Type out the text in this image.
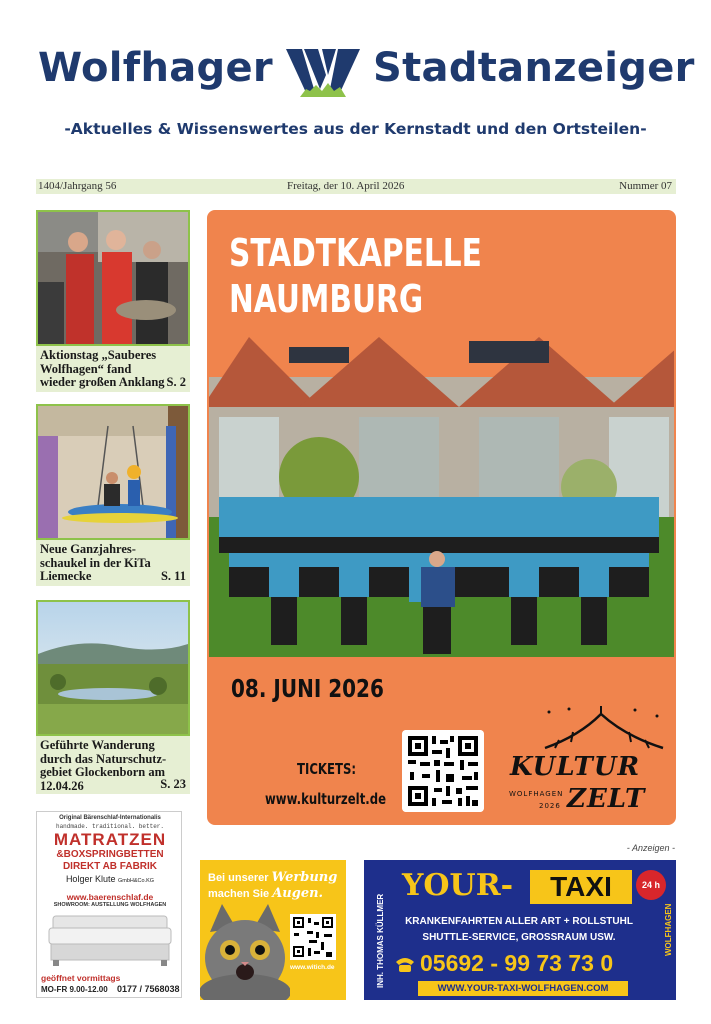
Wolfhager	Stadtanzeiger
-Aktuelles & Wissenswertes aus der Kernstadt und den Ortsteilen-
1404/Jahrgang 56	Freitag, der 10. April 2026	Nummer 07
Aktionstag „Sauberes Wolfhagen“ fand wieder großen Anklang S. 2
Neue Ganzjahres-schaukel in der KiTa Liemecke	S. 11
Geführte Wanderung durch das Naturschutz-gebiet Glockenborn am 12.04.26	S. 23
STADTKAPELLE
NAUMBURG
08. JUNI 2026
TICKETS:
www.kulturzelt.de
KULTUR
WOLFHAGEN
2026 ZELT
- Anzeigen -
Original Bärenschlaf-Internationalis
handmade. traditional. better.
MATRATZEN
&BOXSPRINGBETTEN
DIREKT AB FABRIK
Holger Klute GmbH&Co.KG
www.baerenschlaf.de
SHOWROOM: AUSTELLUNG WOLFHAGEN
geöffnet vormittags
MO-FR 9.00-12.00 0177 / 7568038
Bei unserer Werbung
machen Sie Augen.
www.witich.de	INH. THOMAS KÜLLMER	WOLFHAGEN
YOUR-	TAXI	24 h
KRANKENFAHRTEN ALLER ART + ROLLSTUHL
SHUTTLE-SERVICE, GROSSRAUM USW.
05692 - 99 73 73 0
WWW.YOUR-TAXI-WOLFHAGEN.COM
